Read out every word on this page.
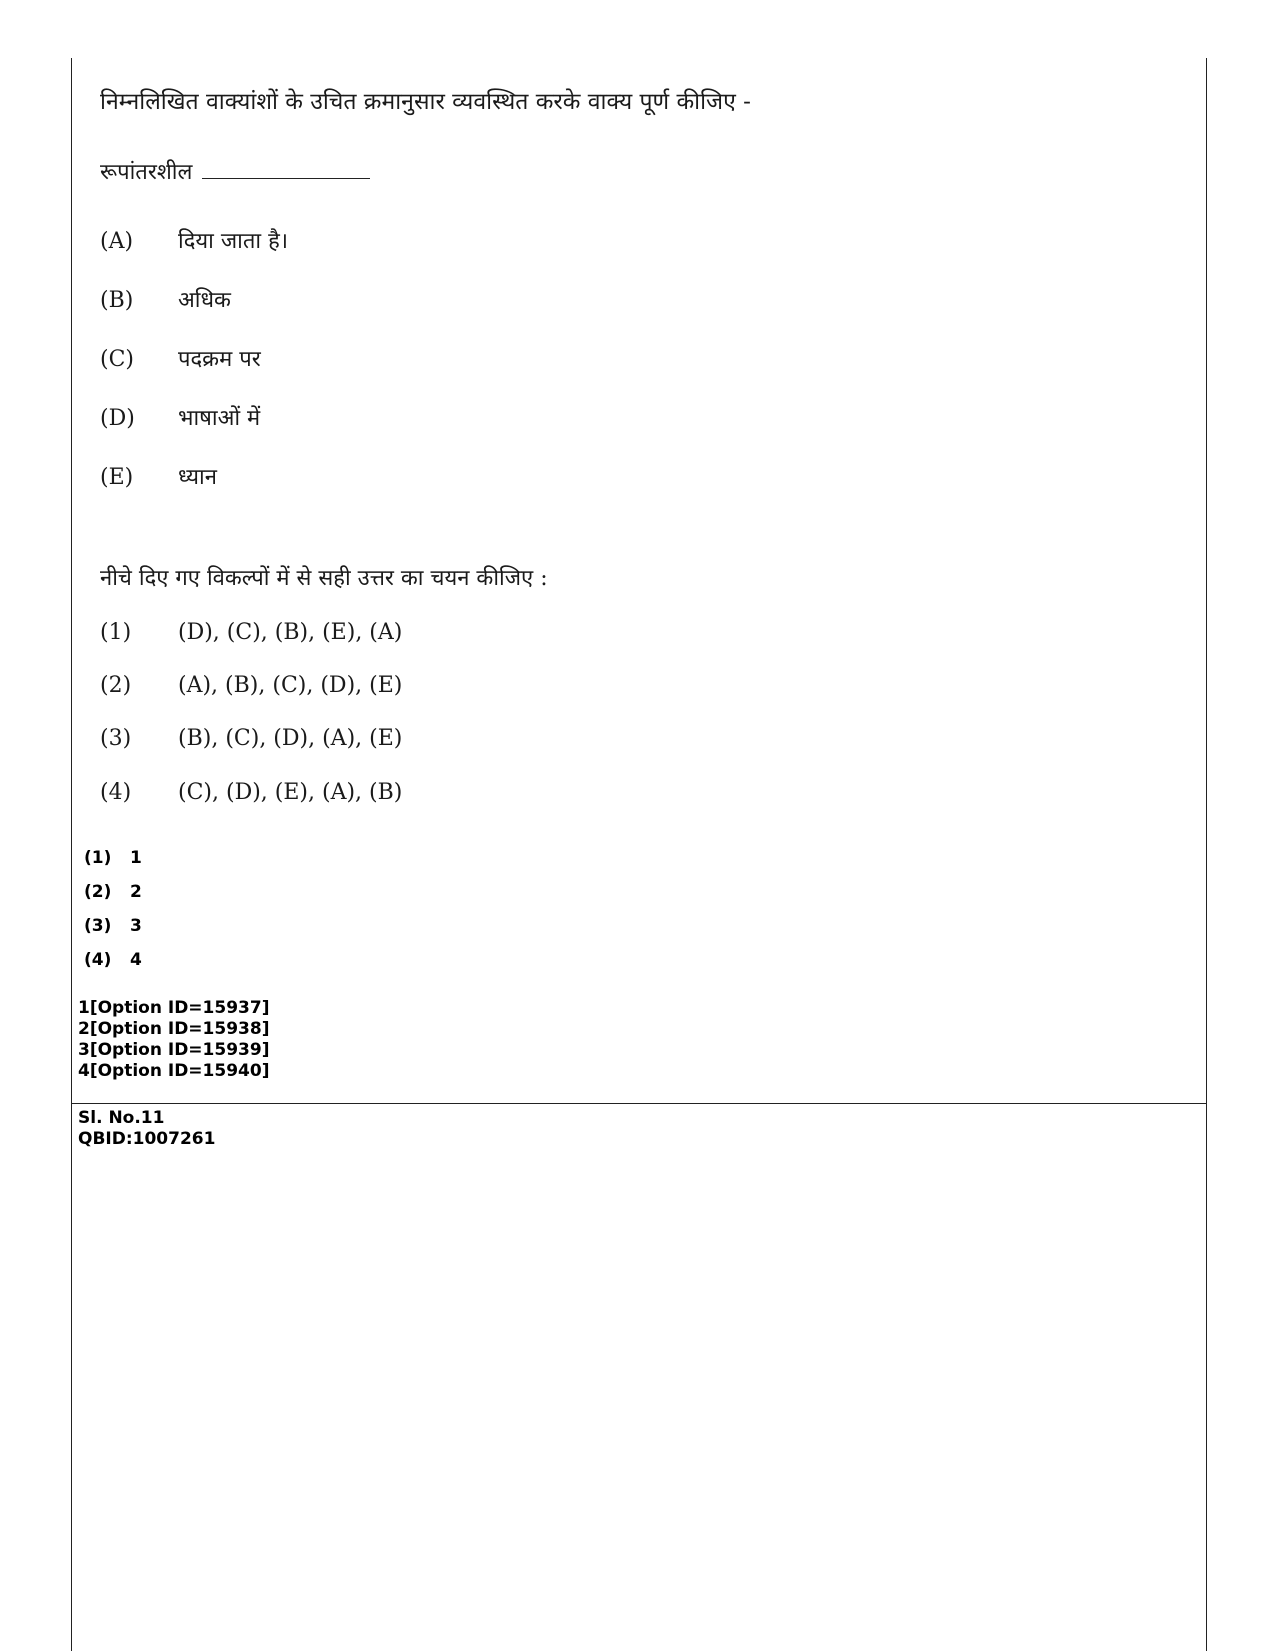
निम्नलिखित वाक्यांशों के उचित क्रमानुसार व्यवस्थित करके वाक्य पूर्ण कीजिए -
रूपांतरशील
(A) दिया जाता है।
(B) अधिक
(C) पदक्रम पर
(D) भाषाओं में
(E) ध्यान
नीचे दिए गए विकल्पों में से सही उत्तर का चयन कीजिए :
(1) (D), (C), (B), (E), (A)
(2) (A), (B), (C), (D), (E)
(3) (B), (C), (D), (A), (E)
(4) (C), (D), (E), (A), (B)
(1) 1
(2) 2
(3) 3
(4) 4
1[Option ID=15937]
2[Option ID=15938]
3[Option ID=15939]
4[Option ID=15940]
Sl. No.11
QBID:1007261
